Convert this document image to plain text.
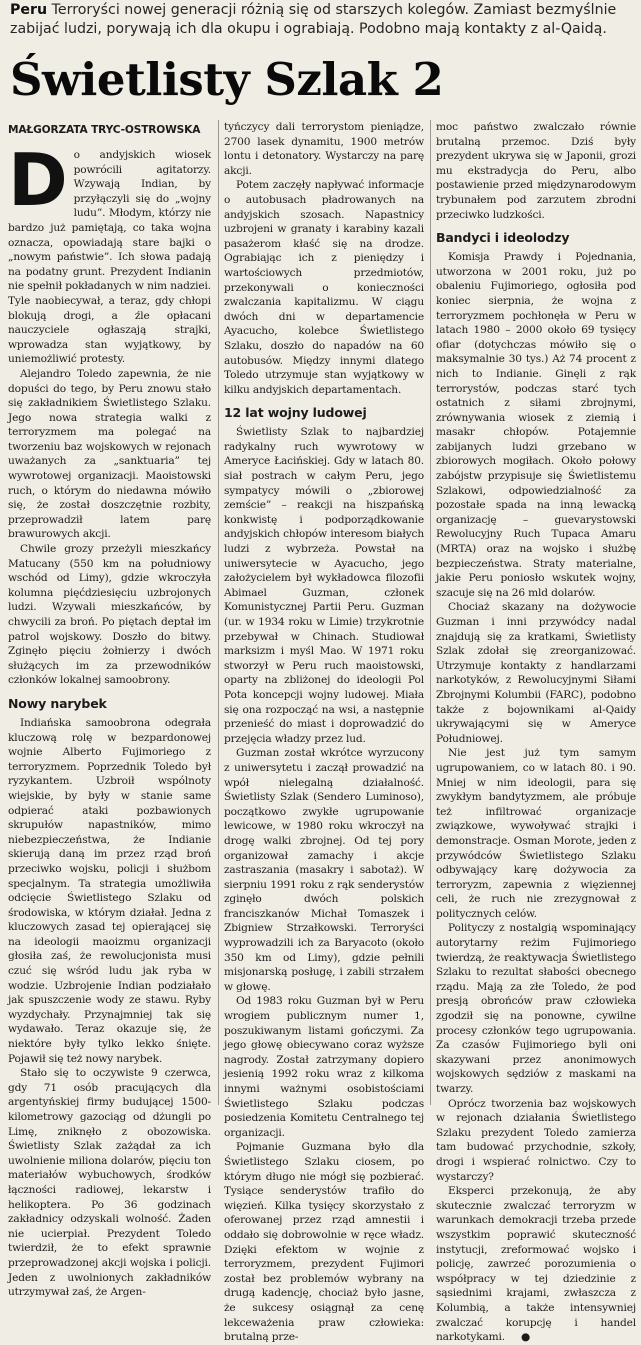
Peru Terroryści nowej generacji różnią się od starszych kolegów. Zamiast bezmyślnie zabijać ludzi, porywają ich dla okupu i ograbiają. Podobno mają kontakty z al-Qaidą.
Świetlisty Szlak 2
MAŁGORZATA TRYC-OSTROWSKA

Do andyjskich wiosek powrócili agitatorzy. Wzywają Indian, by przyłączyli się do „wojny ludu”. Młodym, którzy nie bardzo już pamiętają, co taka wojna oznacza, opowiadają stare bajki o „nowym państwie”. Ich słowa padają na podatny grunt. Prezydent Indianin nie spełnił pokładanych w nim nadziei. Tyle naobiecywał, a teraz, gdy chłopi blokują drogi, a źle opłacani nauczyciele ogłaszają strajki, wprowadza stan wyjątkowy, by uniemożliwić protesty.

Alejandro Toledo zapewnia, że nie dopuści do tego, by Peru znowu stało się zakładnikiem Świetlistego Szlaku. Jego nowa strategia walki z terroryzmem ma polegać na tworzeniu baz wojskowych w rejonach uważanych za „sanktuaria” tej wywrotowej organizacji. Maoistowski ruch, o którym do niedawna mówiło się, że został doszczętnie rozbity, przeprowadził latem parę brawurowych akcji.

Chwile grozy przeżyli mieszkańcy Matucany (550 km na południowy wschód od Limy), gdzie wkroczyła kolumna pięćdziesięciu uzbrojonych ludzi. Wzywali mieszkańców, by chwycili za broń. Po piętach deptał im patrol wojskowy. Doszło do bitwy. Zginęło pięciu żołnierzy i dwóch służących im za przewodników członków lokalnej samoobrony.

Nowy narybek

Indiańska samoobrona odegrała kluczową rolę w bezpardonowej wojnie Alberto Fujimoriego z terroryzmem. Poprzednik Toledo był ryzykantem. Uzbroił wspólnoty wiejskie, by były w stanie same odpierać ataki pozbawionych skrupułów napastników, mimo niebezpieczeństwa, że Indianie skierują daną im przez rząd broń przeciwko wojsku, policji i służbom specjalnym. Ta strategia umożliwiła odcięcie Świetlistego Szlaku od środowiska, w którym działał. Jedna z kluczowych zasad tej opierającej się na ideologii maoizmu organizacji głosiła zaś, że rewolucjonista musi czuć się wśród ludu jak ryba w wodzie. Uzbrojenie Indian podziałało jak spuszczenie wody ze stawu. Ryby wyzdychały. Przynajmniej tak się wydawało. Teraz okazuje się, że niektóre były tylko lekko śnięte. Pojawił się też nowy narybek.

Stało się to oczywiste 9 czerwca, gdy 71 osób pracujących dla argentyńskiej firmy budującej 1500-kilometrowy gazociąg od dżungli po Limę, zniknęło z obozowiska. Świetlisty Szlak zażądał za ich uwolnienie miliona dolarów, pięciu ton materiałów wybuchowych, środków łączności radiowej, lekarstw i helikoptera. Po 36 godzinach zakładnicy odzyskali wolność. Żaden nie ucierpiał. Prezydent Toledo twierdził, że to efekt sprawnie przeprowadzonej akcji wojska i policji. Jeden z uwolnionych zakładników utrzymywał zaś, że Argen-

tyńczycy dali terrorystom pieniądze, 2700 lasek dynamitu, 1900 metrów lontu i detonatory. Wystarczy na parę akcji.

Potem zaczęły napływać informacje o autobusach pładrowanych na andyjskich szosach. Napastnicy uzbrojeni w granaty i karabiny kazali pasażerom kłaść się na drodze. Ograbiając ich z pieniędzy i wartościowych przedmiotów, przekonywali o konieczności zwalczania kapitalizmu. W ciągu dwóch dni w departamencie Ayacucho, kolebce Świetlistego Szlaku, doszło do napadów na 60 autobusów. Między innymi dlatego Toledo utrzymuje stan wyjątkowy w kilku andyjskich departamentach.

12 lat wojny ludowej

Świetlisty Szlak to najbardziej radykalny ruch wywrotowy w Ameryce Łacińskiej. Gdy w latach 80. siał postrach w całym Peru, jego sympatycy mówili o „zbiorowej zemście” – reakcji na hiszpańską konkwistę i podporządkowanie andyjskich chłopów interesom białych ludzi z wybrzeża. Powstał na uniwersytecie w Ayacucho, jego założycielem był wykładowca filozofii Abimael Guzman, członek Komunistycznej Partii Peru. Guzman (ur. w 1934 roku w Limie) trzykrotnie przebywał w Chinach. Studiował marksizm i myśl Mao. W 1971 roku stworzył w Peru ruch maoistowski, oparty na zbliżonej do ideologii Pol Pota koncepcji wojny ludowej. Miała się ona rozpocząć na wsi, a następnie przenieść do miast i doprowadzić do przejęcia władzy przez lud.

Guzman został wkrótce wyrzucony z uniwersytetu i zaczął prowadzić na wpół nielegalną działalność. Świetlisty Szlak (Sendero Luminoso), początkowo zwykłe ugrupowanie lewicowe, w 1980 roku wkroczył na drogę walki zbrojnej. Od tej pory organizował zamachy i akcje zastraszania (masakry i sabotaż). W sierpniu 1991 roku z rąk senderystów zginęło dwóch polskich franciszkanów Michał Tomaszek i Zbigniew Strzałkowski. Terroryści wyprowadzili ich za Baryacoto (około 350 km od Limy), gdzie pełnili misjonarską posługę, i zabili strzałem w głowę.

Od 1983 roku Guzman był w Peru wrogiem publicznym numer 1, poszukiwanym listami gończymi. Za jego głowę obiecywano coraz wyższe nagrody. Został zatrzymany dopiero jesienią 1992 roku wraz z kilkoma innymi ważnymi osobistościami Świetlistego Szlaku podczas posiedzenia Komitetu Centralnego tej organizacji.

Pojmanie Guzmana było dla Świetlistego Szlaku ciosem, po którym długo nie mógł się pozbierać. Tysiące senderystów trafiło do więzień. Kilka tysięcy skorzystało z oferowanej przez rząd amnestii i oddało się dobrowolnie w ręce władz. Dzięki efektom w wojnie z terroryzmem, prezydent Fujimori został bez problemów wybrany na drugą kadencję, chociaż było jasne, że sukcesy osiągnął za cenę lekceważenia praw człowieka: brutalną prze-

moc państwo zwalczało równie brutalną przemoc. Dziś były prezydent ukrywa się w Japonii, grozi mu ekstradycja do Peru, albo postawienie przed międzynarodowym trybunałem pod zarzutem zbrodni przeciwko ludzkości.

Bandyci i ideolodzy

Komisja Prawdy i Pojednania, utworzona w 2001 roku, już po obaleniu Fujimoriego, ogłosiła pod koniec sierpnia, że wojna z terroryzmem pochłonęła w Peru w latach 1980 – 2000 około 69 tysięcy ofiar (dotychczas mówiło się o maksymalnie 30 tys.) Aż 74 procent z nich to Indianie. Ginęli z rąk terrorystów, podczas starć tych ostatnich z siłami zbrojnymi, zrównywania wiosek z ziemią i masakr chłopów. Potajemnie zabijanych ludzi grzebano w zbiorowych mogiłach. Około połowy zabójstw przypisuje się Świetlistemu Szlakowi, odpowiedzialność za pozostałe spada na inną lewacką organizację – guevarystowski Rewolucyjny Ruch Tupaca Amaru (MRTA) oraz na wojsko i służbę bezpieczeństwa. Straty materialne, jakie Peru poniosło wskutek wojny, szacuje się na 26 mld dolarów.

Chociaż skazany na dożywocie Guzman i inni przywódcy nadal znajdują się za kratkami, Świetlisty Szlak zdołał się zreorganizować. Utrzymuje kontakty z handlarzami narkotyków, z Rewolucyjnymi Siłami Zbrojnymi Kolumbii (FARC), podobno także z bojownikami al-Qaidy ukrywającymi się w Ameryce Południowej.

Nie jest już tym samym ugrupowaniem, co w latach 80. i 90. Mniej w nim ideologii, para się zwykłym bandytyzmem, ale próbuje też infiltrować organizacje związkowe, wywoływać strajki i demonstracje. Osman Morote, jeden z przywódców Świetlistego Szlaku odbywający karę dożywocia za terroryzm, zapewnia z więziennej celi, że ruch nie zrezygnował z politycznych celów.

Polityczy z nostalgią wspominający autorytarny reżim Fujimoriego twierdzą, że reaktywacja Świetlistego Szlaku to rezultat słabości obecnego rządu. Mają za złe Toledo, że pod presją obrońców praw człowieka zgodził się na ponowne, cywilne procesy członków tego ugrupowania. Za czasów Fujimoriego byli oni skazywani przez anonimowych wojskowych sędziów z maskami na twarzy.

Oprócz tworzenia baz wojskowych w rejonach działania Świetlistego Szlaku prezydent Toledo zamierza tam budować przychodnie, szkoły, drogi i wspierać rolnictwo. Czy to wystarczy?

Eksperci przekonują, że aby skutecznie zwalczać terroryzm w warunkach demokracji trzeba przede wszystkim poprawić skuteczność instytucji, zreformować wojsko i policję, zawrzeć porozumienia o współpracy w tej dziedzinie z sąsiednimi krajami, zwłaszcza z Kolumbią, a także intensywniej zwalczać korupcję i handel narkotykami. ●
